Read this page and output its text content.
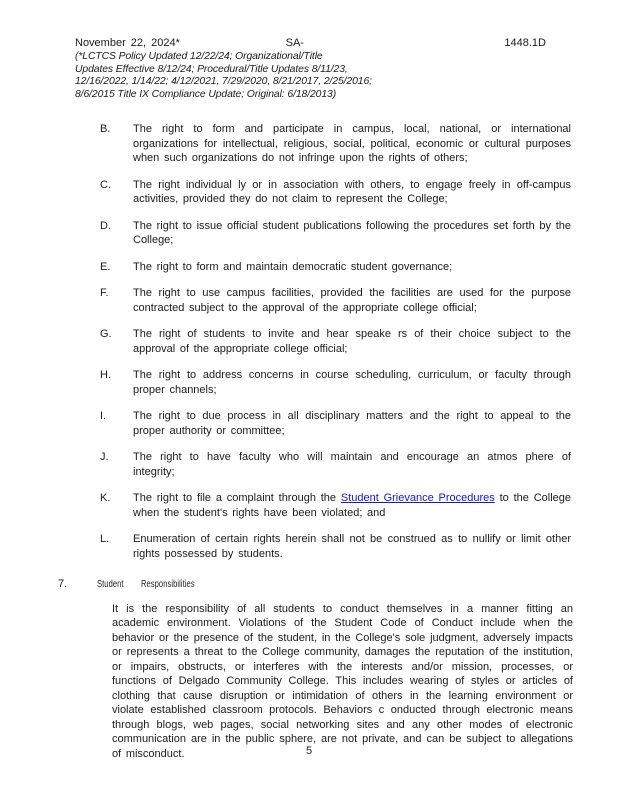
November 22, 2024*	SA-	1448.1D
(*LCTCS Policy Updated 12/22/24; Organizational/Title
Updates Effective 8/12/24; Procedural/Title Updates 8/11/23,
12/16/2022, 1/14/22; 4/12/2021, 7/29/2020, 8/21/2017, 2/25/2016;
8/6/2015 Title IX Compliance Update; Original: 6/18/2013)
B.	The right to form and participate in campus, local, national, or international organizations for intellectual, religious, social, political, economic or cultural purposes when such organizations do not infringe upon the rights of others;
C.	The right individual ly or in association with others, to engage freely in off-campus activities, provided they do not claim to represent the College;
D.	The right to issue official student publications following the procedures set forth by the College;
E.	The right to form and maintain democratic student governance;
F.	The right to use campus facilities, provided the facilities are used for the purpose contracted subject to the approval of the appropriate college official;
G.	The right of students to invite and hear speake rs of their choice subject to the approval of the appropriate college official;
H.	The right to address concerns in course scheduling, curriculum, or faculty through proper channels;
I.	The right to due process in all disciplinary matters and the right to appeal to the proper authority or committee;
J.	The right to have faculty who will maintain and encourage an atmos phere of integrity;
K.	The right to file a complaint through the Student Grievance Procedures to the College when the student's rights have been violated; and
L.	Enumeration of certain rights herein shall not be construed as to nullify or limit other rights possessed by students.
7.	Student Responsibilities

It is the responsibility of all students to conduct themselves in a manner fitting an academic environment. Violations of the Student Code of Conduct include when the behavior or the presence of the student, in the College's sole judgment, adversely impacts or represents a threat to the College community, damages the reputation of the institution, or impairs, obstructs, or interferes with the interests and/or mission, processes, or functions of Delgado Community College. This includes wearing of styles or articles of clothing that cause disruption or intimidation of others in the learning environment or violate established classroom protocols. Behaviors c onducted through electronic means through blogs, web pages, social networking sites and any other modes of electronic communication are in the public sphere, are not private, and can be subject to allegations of misconduct.	5
